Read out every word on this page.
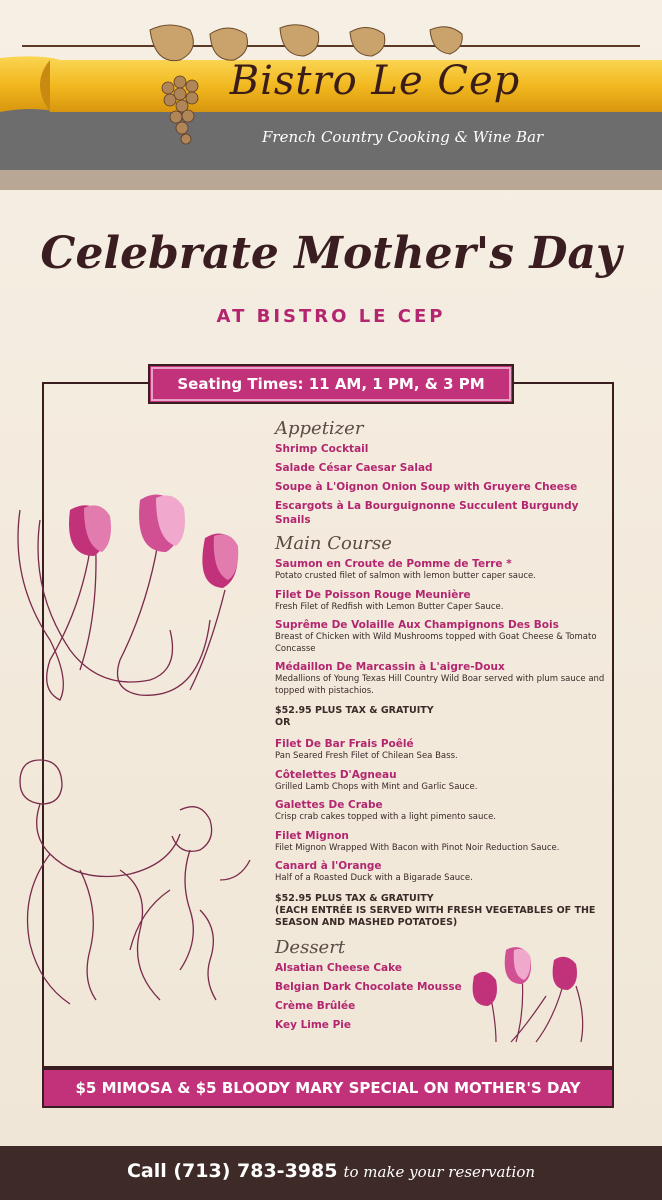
Bistro Le Cep
French Country Cooking & Wine Bar
Celebrate Mother's Day
AT BISTRO LE CEP
Seating Times: 11 AM, 1 PM, & 3 PM
Appetizer
Shrimp Cocktail
Salade César Caesar Salad
Soupe à L'Oignon Onion Soup with Gruyere Cheese
Escargots à La Bourguignonne Succulent Burgundy Snails
Main Course
Saumon en Croute de Pomme de Terre *
Potato crusted filet of salmon with lemon butter caper sauce.
Filet De Poisson Rouge Meunière
Fresh Filet of Redfish with Lemon Butter Caper Sauce.
Suprême De Volaille Aux Champignons Des Bois
Breast of Chicken with Wild Mushrooms topped with Goat Cheese & Tomato Concasse
Médaillon De Marcassin à L'aigre-Doux
Medallions of Young Texas Hill Country Wild Boar served with plum sauce and topped with pistachios.
$52.95 PLUS TAX & GRATUITY
OR
Filet De Bar Frais Poêlé
Pan Seared Fresh Filet of Chilean Sea Bass.
Côtelettes D'Agneau
Grilled Lamb Chops with Mint and Garlic Sauce.
Galettes De Crabe
Crisp crab cakes topped with a light pimento sauce.
Filet Mignon
Filet Mignon Wrapped With Bacon with Pinot Noir Reduction Sauce.
Canard à l'Orange
Half of a Roasted Duck with a Bigarade Sauce.
$52.95 PLUS TAX & GRATUITY
(EACH ENTRÉE IS SERVED WITH FRESH VEGETABLES OF THE SEASON AND MASHED POTATOES)
Dessert
Alsatian Cheese Cake
Belgian Dark Chocolate Mousse
Crème Brûlée
Key Lime Pie
$5 MIMOSA & $5 BLOODY MARY SPECIAL ON MOTHER'S DAY
Call (713) 783-3985 to make your reservation
